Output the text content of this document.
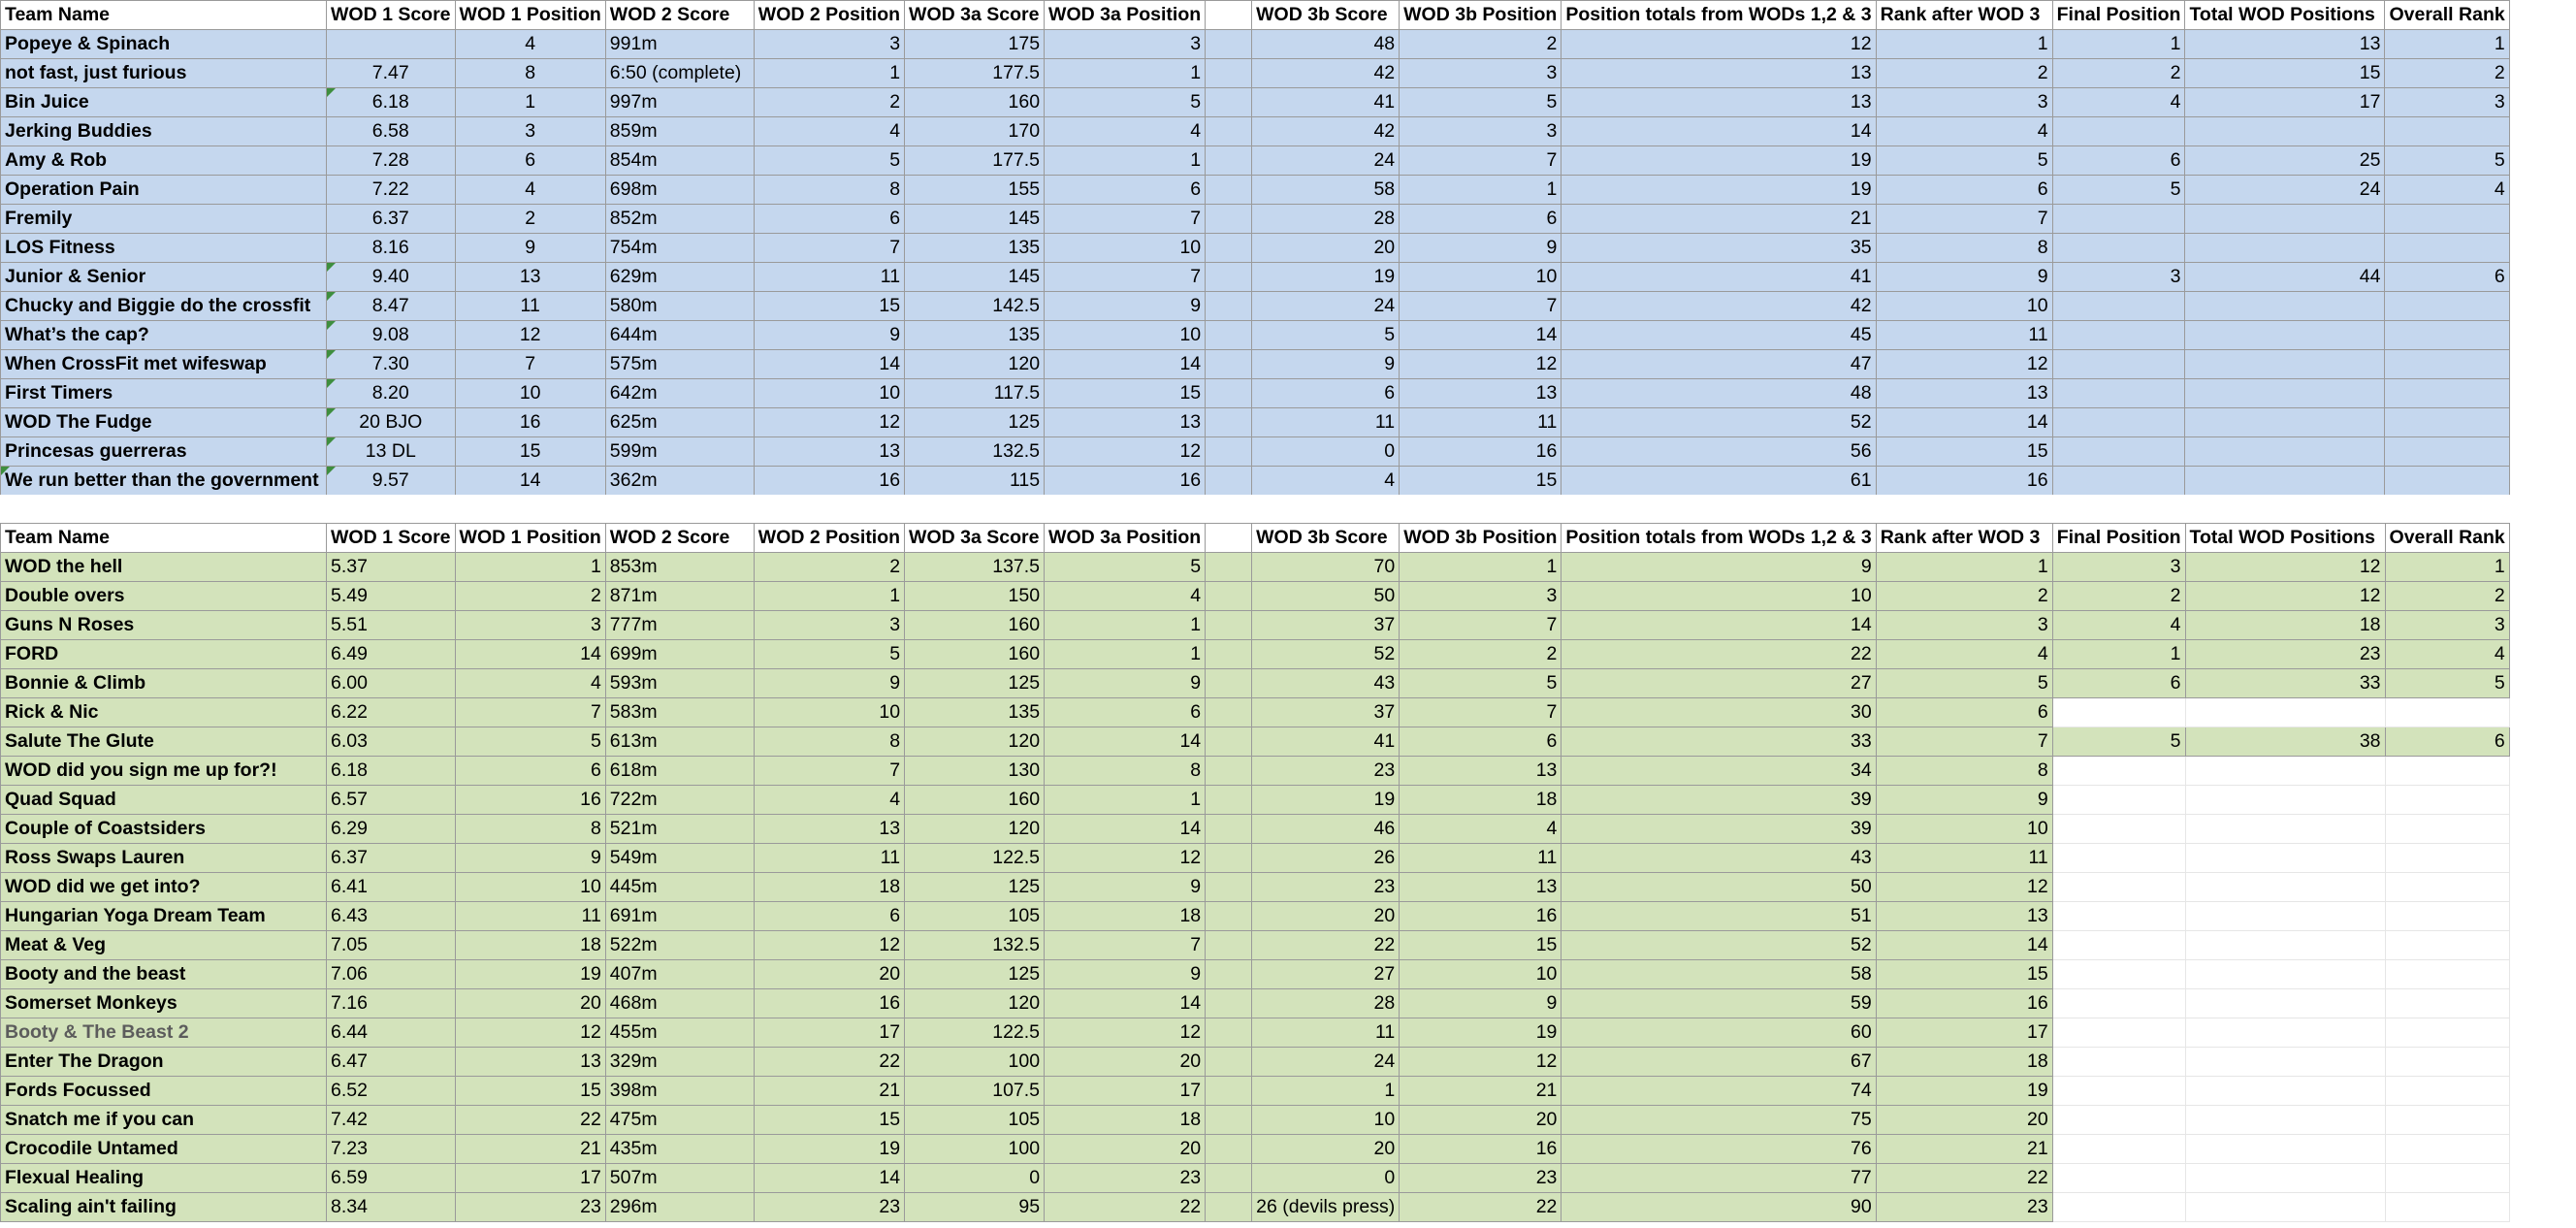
Team Name	WOD 1 Score	WOD 1 Position	WOD 2 Score	WOD 2 Position	WOD 3a Score	WOD 3a Position		WOD 3b Score	WOD 3b Position	Position totals from WODs 1,2 & 3	Rank after WOD 3	Final Position	Total WOD Positions	Overall Rank
Popeye & Spinach		4	991m	3	175	3		48	2	12	1	1	13	1
not fast, just furious	7.47	8	6:50 (complete)	1	177.5	1		42	3	13	2	2	15	2
Bin Juice	6.18	1	997m	2	160	5		41	5	13	3	4	17	3
Jerking Buddies	6.58	3	859m	4	170	4		42	3	14	4			
Amy & Rob	7.28	6	854m	5	177.5	1		24	7	19	5	6	25	5
Operation Pain	7.22	4	698m	8	155	6		58	1	19	6	5	24	4
Fremily	6.37	2	852m	6	145	7		28	6	21	7			
LOS Fitness	8.16	9	754m	7	135	10		20	9	35	8			
Junior & Senior	9.40	13	629m	11	145	7		19	10	41	9	3	44	6
Chucky and Biggie do the crossfit	8.47	11	580m	15	142.5	9		24	7	42	10			
What’s the cap?	9.08	12	644m	9	135	10		5	14	45	11			
When CrossFit met wifeswap	7.30	7	575m	14	120	14		9	12	47	12			
First Timers	8.20	10	642m	10	117.5	15		6	13	48	13			
WOD The Fudge	20 BJO	16	625m	12	125	13		11	11	52	14			
Princesas guerreras	13 DL	15	599m	13	132.5	12		0	16	56	15			
We run better than the government	9.57	14	362m	16	115	16		4	15	61	16			
Team Name	WOD 1 Score	WOD 1 Position	WOD 2 Score	WOD 2 Position	WOD 3a Score	WOD 3a Position		WOD 3b Score	WOD 3b Position	Position totals from WODs 1,2 & 3	Rank after WOD 3	Final Position	Total WOD Positions	Overall Rank
WOD the hell	5.37	1	853m	2	137.5	5		70	1	9	1	3	12	1
Double overs	5.49	2	871m	1	150	4		50	3	10	2	2	12	2
Guns N Roses	5.51	3	777m	3	160	1		37	7	14	3	4	18	3
FORD	6.49	14	699m	5	160	1		52	2	22	4	1	23	4
Bonnie & Climb	6.00	4	593m	9	125	9		43	5	27	5	6	33	5
Rick & Nic	6.22	7	583m	10	135	6		37	7	30	6			
Salute The Glute	6.03	5	613m	8	120	14		41	6	33	7	5	38	6
WOD did you sign me up for?!	6.18	6	618m	7	130	8		23	13	34	8			
Quad Squad	6.57	16	722m	4	160	1		19	18	39	9			
Couple of Coastsiders	6.29	8	521m	13	120	14		46	4	39	10			
Ross Swaps Lauren	6.37	9	549m	11	122.5	12		26	11	43	11			
WOD did we get into?	6.41	10	445m	18	125	9		23	13	50	12			
Hungarian Yoga Dream Team	6.43	11	691m	6	105	18		20	16	51	13			
Meat & Veg	7.05	18	522m	12	132.5	7		22	15	52	14			
Booty and the beast	7.06	19	407m	20	125	9		27	10	58	15			
Somerset Monkeys	7.16	20	468m	16	120	14		28	9	59	16			
Booty & The Beast 2	6.44	12	455m	17	122.5	12		11	19	60	17			
Enter The Dragon	6.47	13	329m	22	100	20		24	12	67	18			
Fords Focussed	6.52	15	398m	21	107.5	17		1	21	74	19			
Snatch me if you can	7.42	22	475m	15	105	18		10	20	75	20			
Crocodile Untamed	7.23	21	435m	19	100	20		20	16	76	21			
Flexual Healing	6.59	17	507m	14	0	23		0	23	77	22			
Scaling ain't failing	8.34	23	296m	23	95	22		26 (devils press)	22	90	23			
